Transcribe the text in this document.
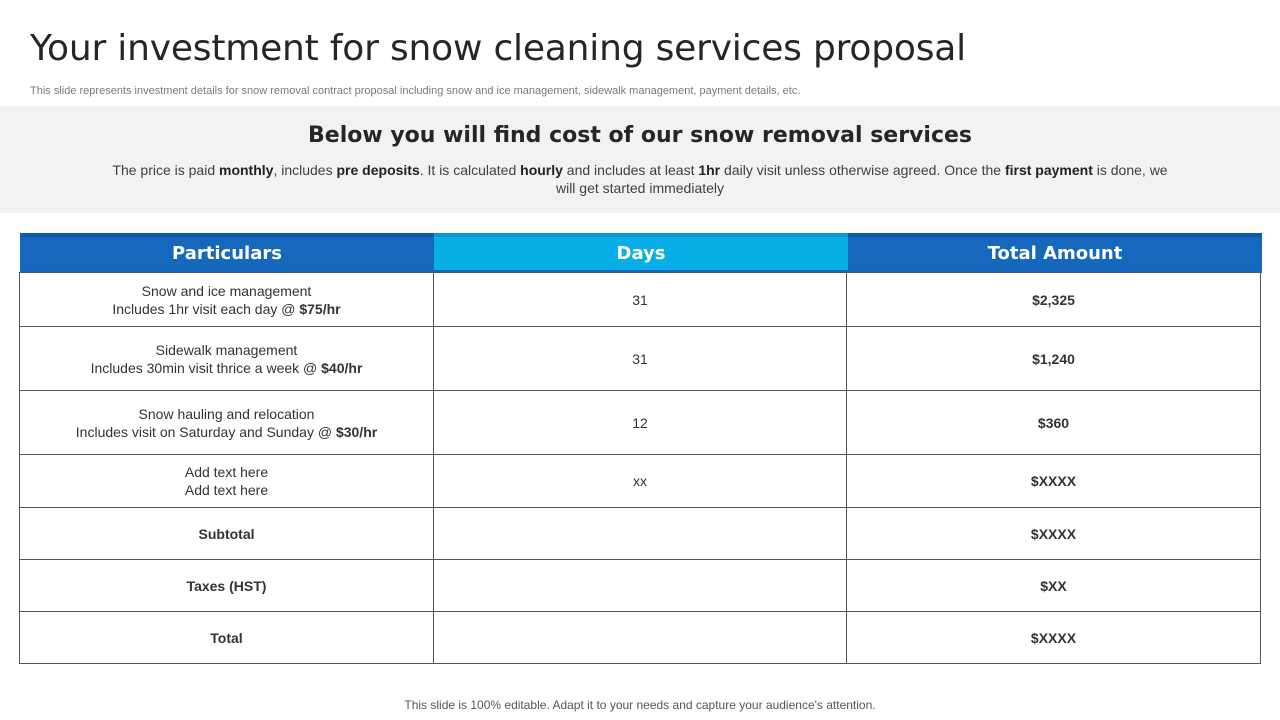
Your investment for snow cleaning services proposal
This slide represents investment details for snow removal contract proposal including snow and ice management, sidewalk management, payment details, etc.
Below you will find cost of our snow removal services
The price is paid monthly, includes pre deposits. It is calculated hourly and includes at least 1hr daily visit unless otherwise agreed. Once the first payment is done, we will get started immediately
Particulars	Days	Total Amount
Snow and ice management
Includes 1hr visit each day @ $75/hr	31	$2,325

Sidewalk management
Includes 30min visit thrice a week @ $40/hr	31	$1,240

Snow hauling and relocation
Includes visit on Saturday and Sunday @ $30/hr	12	$360

Add text here
Add text here	xx	$XXXX
Subtotal		$XXXX
Taxes (HST)		$XX
Total		$XXXX
This slide is 100% editable. Adapt it to your needs and capture your audience's attention.
